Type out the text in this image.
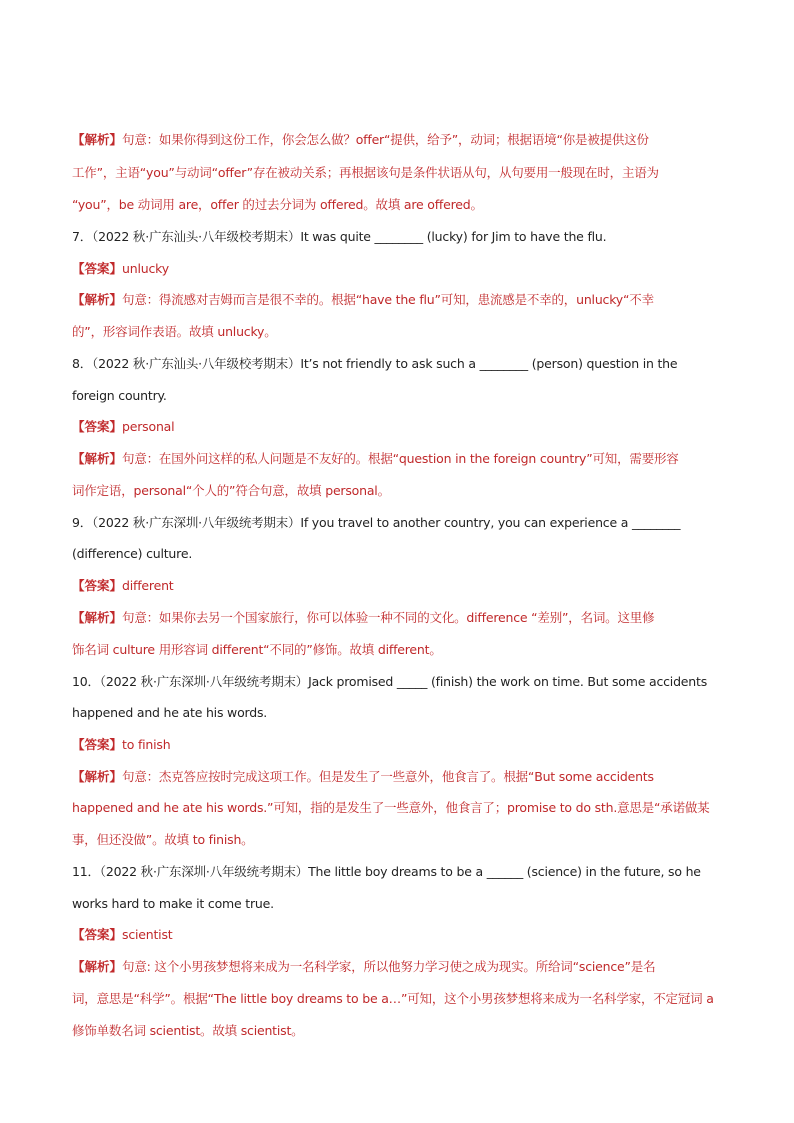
【解析】句意：如果你得到这份工作，你会怎么做？offer“提供，给予”，动词；根据语境“你是被提供这份
工作”，主语“you”与动词“offer”存在被动关系；再根据该句是条件状语从句，从句要用一般现在时，主语为
“you”，be 动词用 are，offer 的过去分词为 offered。故填 are offered。
7．（2022 秋·广东汕头·八年级校考期末）It was quite ________ (lucky) for Jim to have the flu.
【答案】unlucky
【解析】句意：得流感对吉姆而言是很不幸的。根据“have the flu”可知，患流感是不幸的，unlucky“不幸
的”，形容词作表语。故填 unlucky。
8．（2022 秋·广东汕头·八年级校考期末）It’s not friendly to ask such a ________ (person) question in the
foreign country.
【答案】personal
【解析】句意：在国外问这样的私人问题是不友好的。根据“question in the foreign country”可知，需要形容
词作定语，personal“个人的”符合句意，故填 personal。
9．（2022 秋·广东深圳·八年级统考期末）If you travel to another country, you can experience a ________
(difference) culture.
【答案】different
【解析】句意：如果你去另一个国家旅行，你可以体验一种不同的文化。difference “差别”，名词。这里修
饰名词 culture 用形容词 different“不同的”修饰。故填 different。
10．（2022 秋·广东深圳·八年级统考期末）Jack promised _____ (finish) the work on time. But some accidents
happened and he ate his words.
【答案】to finish
【解析】句意：杰克答应按时完成这项工作。但是发生了一些意外，他食言了。根据“But some accidents
happened and he ate his words.”可知，指的是发生了一些意外，他食言了；promise to do sth.意思是“承诺做某
事，但还没做”。故填 to finish。
11．（2022 秋·广东深圳·八年级统考期末）The little boy dreams to be a ______ (science) in the future, so he
works hard to make it come true.
【答案】scientist
【解析】句意: 这个小男孩梦想将来成为一名科学家，所以他努力学习使之成为现实。所给词“science”是名
词，意思是“科学”。根据“The little boy dreams to be a…”可知，这个小男孩梦想将来成为一名科学家，不定冠词 a
修饰单数名词 scientist。故填 scientist。
